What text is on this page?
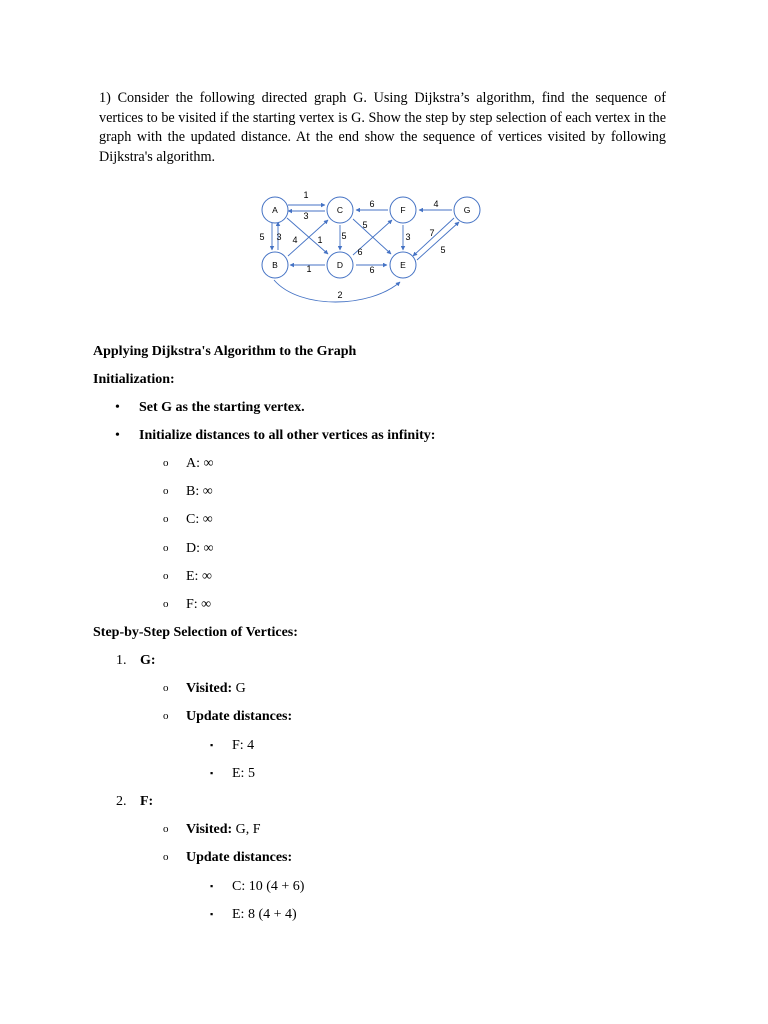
1) Consider the following directed graph G. Using Dijkstra’s algorithm, find the sequence of vertices to be visited if the starting vertex is G. Show the step by step selection of each vertex in the graph with the updated distance. At the end show the sequence of vertices visited by following Dijkstra's algorithm.

A
B
C
D	E
F	G
1
3
5 3 4 1
1
5
6
6
5
6
3
4
7
5
2

Applying Dijkstra's Algorithm to the Graph

Initialization:

• Set G as the starting vertex.
• Initialize distances to all other vertices as infinity:
o A: ∞
o B: ∞
o C: ∞
o D: ∞
o E: ∞
o F: ∞

Step-by-Step Selection of Vertices:

1. G:
o Visited: G
o Update distances:
▪ F: 4
▪ E: 5
2. F:
o Visited: G, F
o Update distances:
▪ C: 10 (4 + 6)
▪ E: 8 (4 + 4)
